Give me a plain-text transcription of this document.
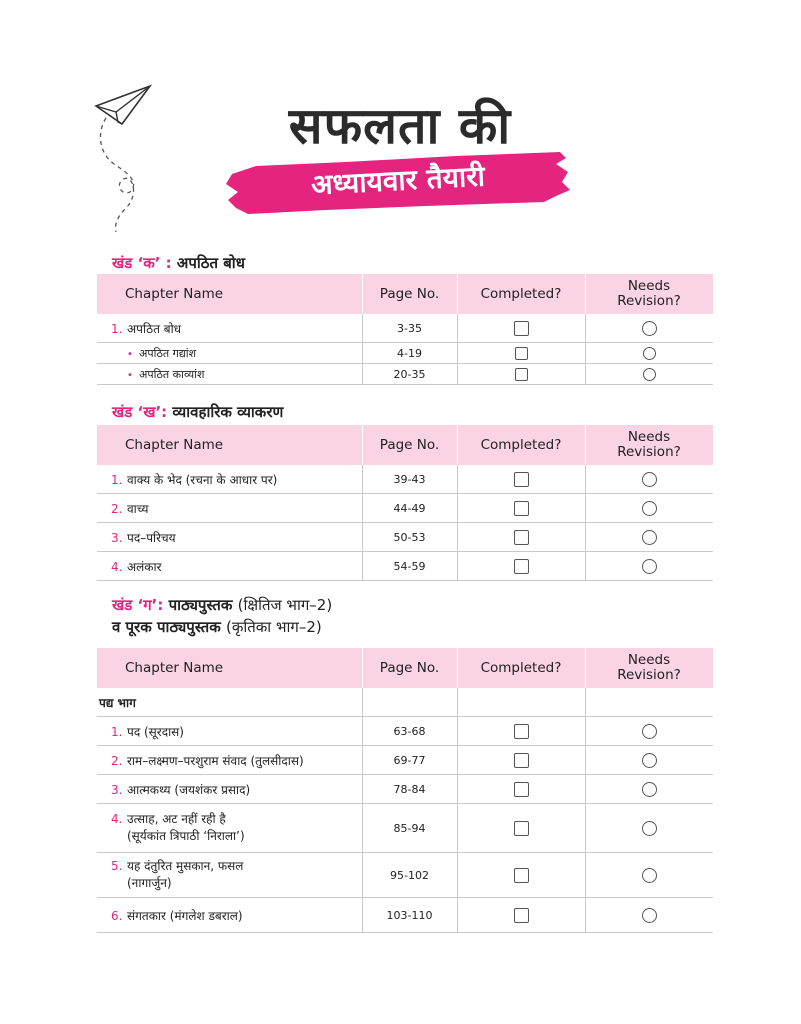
सफलता की
अध्यायवार तैयारी
खंड ‘क’ : अपठित बोध
Chapter Name	Page No.	Completed?	Needs
Revision?
1. अपठित बोध	3-35		
• अपठित गद्यांश	4-19		
• अपठित काव्यांश	20-35		
खंड ‘ख’: व्यावहारिक व्याकरण
Chapter Name	Page No.	Completed?	Needs
Revision?
1. वाक्य के भेद (रचना के आधार पर)	39-43		
2. वाच्य	44-49		
3. पद–परिचय	50-53		
4. अलंकार	54-59		
खंड ‘ग’: पाठ्यपुस्तक (क्षितिज भाग–2)
व पूरक पाठ्यपुस्तक (कृतिका भाग–2)
Chapter Name	Page No.	Completed?	Needs
Revision?
पद्य भाग			
1. पद (सूरदास)	63-68		
2. राम–लक्ष्मण–परशुराम संवाद (तुलसीदास)	69-77		
3. आत्मकथ्य (जयशंकर प्रसाद)	78-84		
4. उत्साह, अट नहीं रही है
(सूर्यकांत त्रिपाठी ‘निराला’)	85-94		
5. यह दंतुरित मुसकान, फसल
(नागार्जुन)	95-102		
6. संगतकार (मंगलेश डबराल)	103-110		
